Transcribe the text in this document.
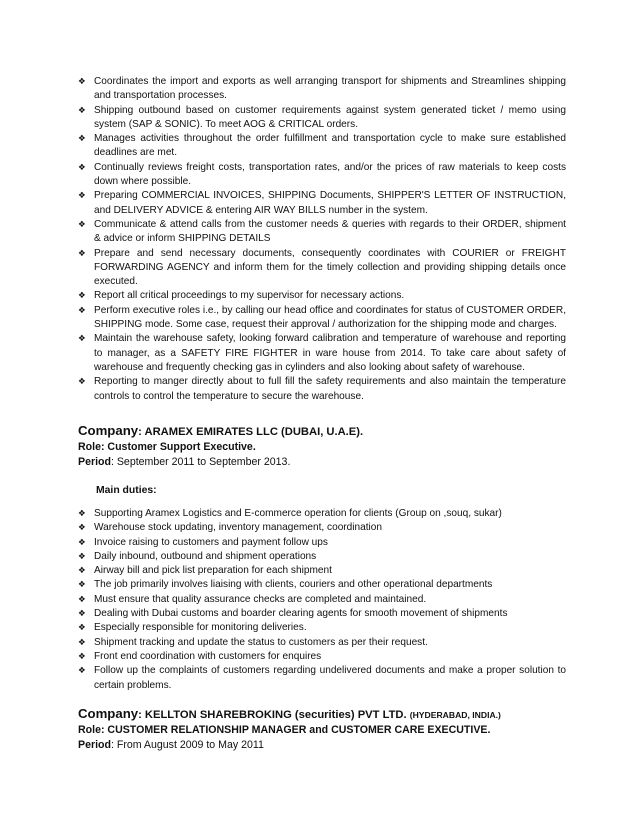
❖ Coordinates the import and exports as well arranging transport for shipments and Streamlines shipping and transportation processes.
❖ Shipping outbound based on customer requirements against system generated ticket / memo using system (SAP & SONIC). To meet AOG & CRITICAL orders.
❖ Manages activities throughout the order fulfillment and transportation cycle to make sure established deadlines are met.
❖ Continually reviews freight costs, transportation rates, and/or the prices of raw materials to keep costs down where possible.
❖ Preparing COMMERCIAL INVOICES, SHIPPING Documents, SHIPPER'S LETTER OF INSTRUCTION, and DELIVERY ADVICE & entering AIR WAY BILLS number in the system.
❖ Communicate & attend calls from the customer needs & queries with regards to their ORDER, shipment & advice or inform SHIPPING DETAILS
❖ Prepare and send necessary documents, consequently coordinates with COURIER or FREIGHT FORWARDING AGENCY and inform them for the timely collection and providing shipping details once executed.
❖ Report all critical proceedings to my supervisor for necessary actions.
❖ Perform executive roles i.e., by calling our head office and coordinates for status of CUSTOMER ORDER, SHIPPING mode. Some case, request their approval / authorization for the shipping mode and charges.
❖ Maintain the warehouse safety, looking forward calibration and temperature of warehouse and reporting to manager, as a SAFETY FIRE FIGHTER in ware house from 2014. To take care about safety of warehouse and frequently checking gas in cylinders and also looking about safety of warehouse.
❖ Reporting to manger directly about to full fill the safety requirements and also maintain the temperature controls to control the temperature to secure the warehouse.
Company: ARAMEX EMIRATES LLC (DUBAI, U.A.E).
Role: Customer Support Executive.
Period: September 2011 to September 2013.
Main duties:
❖ Supporting Aramex Logistics and E-commerce operation for clients (Group on ,souq, sukar)
❖ Warehouse stock updating, inventory management, coordination
❖ Invoice raising to customers and payment follow ups
❖ Daily inbound, outbound and shipment operations
❖ Airway bill and pick list preparation for each shipment
❖ The job primarily involves liaising with clients, couriers and other operational departments
❖ Must ensure that quality assurance checks are completed and maintained.
❖ Dealing with Dubai customs and boarder clearing agents for smooth movement of shipments
❖ Especially responsible for monitoring deliveries.
❖ Shipment tracking and update the status to customers as per their request.
❖ Front end coordination with customers for enquires
❖ Follow up the complaints of customers regarding undelivered documents and make a proper solution to certain problems.
Company: KELLTON SHAREBROKING (securities) PVT LTD. (HYDERABAD, INDIA.)
Role: CUSTOMER RELATIONSHIP MANAGER and CUSTOMER CARE EXECUTIVE.
Period: From August 2009 to May 2011
